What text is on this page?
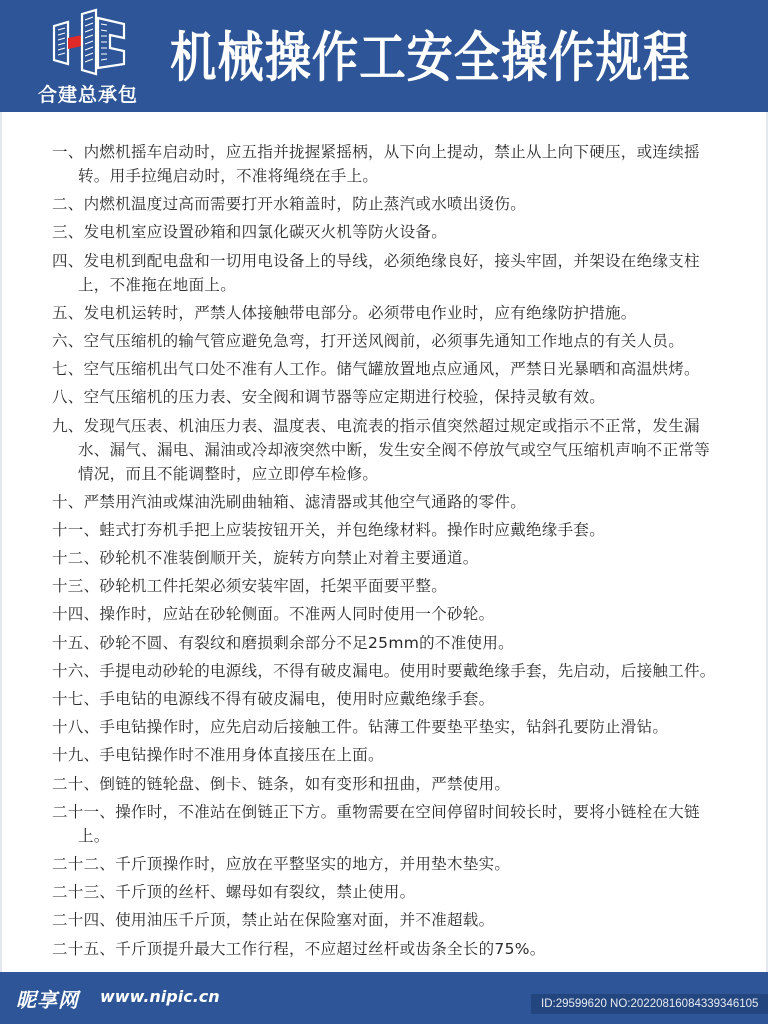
合建总承包
机械操作工安全操作规程
一、内燃机摇车启动时，应五指并拢握紧摇柄，从下向上提动，禁止从上向下硬压，或连续摇转。用手拉绳启动时，不准将绳绕在手上。
二、内燃机温度过高而需要打开水箱盖时，防止蒸汽或水喷出烫伤。
三、发电机室应设置砂箱和四氯化碳灭火机等防火设备。
四、发电机到配电盘和一切用电设备上的导线，必须绝缘良好，接头牢固，并架设在绝缘支柱上，不准拖在地面上。
五、发电机运转时，严禁人体接触带电部分。必须带电作业时，应有绝缘防护措施。
六、空气压缩机的输气管应避免急弯，打开送风阀前，必须事先通知工作地点的有关人员。
七、空气压缩机出气口处不准有人工作。储气罐放置地点应通风，严禁日光暴晒和高温烘烤。
八、空气压缩机的压力表、安全阀和调节器等应定期进行校验，保持灵敏有效。
九、发现气压表、机油压力表、温度表、电流表的指示值突然超过规定或指示不正常，发生漏水、漏气、漏电、漏油或冷却液突然中断，发生安全阀不停放气或空气压缩机声响不正常等情况，而且不能调整时，应立即停车检修。
十、严禁用汽油或煤油洗刷曲轴箱、滤清器或其他空气通路的零件。
十一、蛙式打夯机手把上应装按钮开关，并包绝缘材料。操作时应戴绝缘手套。
十二、砂轮机不准装倒顺开关，旋转方向禁止对着主要通道。
十三、砂轮机工件托架必须安装牢固，托架平面要平整。
十四、操作时，应站在砂轮侧面。不准两人同时使用一个砂轮。
十五、砂轮不圆、有裂纹和磨损剩余部分不足25mm的不准使用。
十六、手提电动砂轮的电源线，不得有破皮漏电。使用时要戴绝缘手套，先启动，后接触工件。
十七、手电钻的电源线不得有破皮漏电，使用时应戴绝缘手套。
十八、手电钻操作时，应先启动后接触工件。钻薄工件要垫平垫实，钻斜孔要防止滑钻。
十九、手电钻操作时不准用身体直接压在上面。
二十、倒链的链轮盘、倒卡、链条，如有变形和扭曲，严禁使用。
二十一、操作时，不准站在倒链正下方。重物需要在空间停留时间较长时，要将小链栓在大链上。
二十二、千斤顶操作时，应放在平整坚实的地方，并用垫木垫实。
二十三、千斤顶的丝杆、螺母如有裂纹，禁止使用。
二十四、使用油压千斤顶，禁止站在保险塞对面，并不准超载。
二十五、千斤顶提升最大工作行程，不应超过丝杆或齿条全长的75%。
昵享网 www.nipic.cn	ID:29599620 NO:20220816084339346105
